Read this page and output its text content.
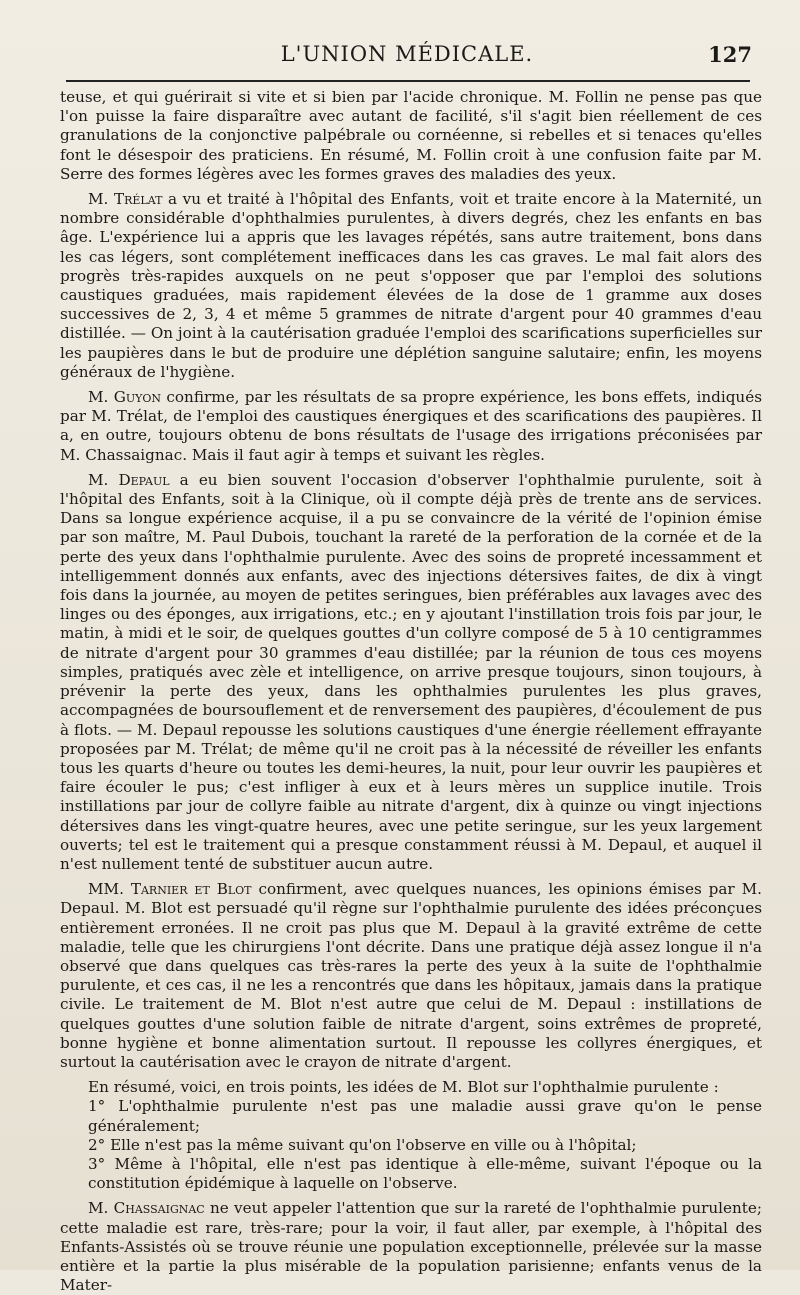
L'UNION MÉDICALE.	127

teuse, et qui guérirait si vite et si bien par l'acide chronique. M. Follin ne pense pas que l'on puisse la faire disparaître avec autant de facilité, s'il s'agit bien réellement de ces granulations de la conjonctive palpébrale ou cornéenne, si rebelles et si tenaces qu'elles font le désespoir des praticiens. En résumé, M. Follin croit à une confusion faite par M. Serre des formes légères avec les formes graves des maladies des yeux.

M. Trélat a vu et traité à l'hôpital des Enfants, voit et traite encore à la Maternité, un nombre considérable d'ophthalmies purulentes, à divers degrés, chez les enfants en bas âge. L'expérience lui a appris que les lavages répétés, sans autre traitement, bons dans les cas légers, sont complétement inefficaces dans les cas graves. Le mal fait alors des progrès très-rapides auxquels on ne peut s'opposer que par l'emploi des solutions caustiques graduées, mais rapidement élevées de la dose de 1 gramme aux doses successives de 2, 3, 4 et même 5 grammes de nitrate d'argent pour 40 grammes d'eau distillée. — On joint à la cautérisation graduée l'emploi des scarifications superficielles sur les paupières dans le but de produire une déplétion sanguine salutaire; enfin, les moyens généraux de l'hygiène.

M. Guyon confirme, par les résultats de sa propre expérience, les bons effets, indiqués par M. Trélat, de l'emploi des caustiques énergiques et des scarifications des paupières. Il a, en outre, toujours obtenu de bons résultats de l'usage des irrigations préconisées par M. Chassaignac. Mais il faut agir à temps et suivant les règles.

M. Depaul a eu bien souvent l'occasion d'observer l'ophthalmie purulente, soit à l'hôpital des Enfants, soit à la Clinique, où il compte déjà près de trente ans de services. Dans sa longue expérience acquise, il a pu se convaincre de la vérité de l'opinion émise par son maître, M. Paul Dubois, touchant la rareté de la perforation de la cornée et de la perte des yeux dans l'ophthalmie purulente. Avec des soins de propreté incessamment et intelligemment donnés aux enfants, avec des injections détersives faites, de dix à vingt fois dans la journée, au moyen de petites seringues, bien préférables aux lavages avec des linges ou des éponges, aux irrigations, etc.; en y ajoutant l'instillation trois fois par jour, le matin, à midi et le soir, de quelques gouttes d'un collyre composé de 5 à 10 centigrammes de nitrate d'argent pour 30 grammes d'eau distillée; par la réunion de tous ces moyens simples, pratiqués avec zèle et intelligence, on arrive presque toujours, sinon toujours, à prévenir la perte des yeux, dans les ophthalmies purulentes les plus graves, accompagnées de boursouflement et de renversement des paupières, d'écoulement de pus à flots. — M. Depaul repousse les solutions caustiques d'une énergie réellement effrayante proposées par M. Trélat; de même qu'il ne croit pas à la nécessité de réveiller les enfants tous les quarts d'heure ou toutes les demi-heures, la nuit, pour leur ouvrir les paupières et faire écouler le pus; c'est infliger à eux et à leurs mères un supplice inutile. Trois instillations par jour de collyre faible au nitrate d'argent, dix à quinze ou vingt injections détersives dans les vingt-quatre heures, avec une petite seringue, sur les yeux largement ouverts; tel est le traitement qui a presque constamment réussi à M. Depaul, et auquel il n'est nullement tenté de substituer aucun autre.

MM. Tarnier et Blot confirment, avec quelques nuances, les opinions émises par M. Depaul. M. Blot est persuadé qu'il règne sur l'ophthalmie purulente des idées préconçues entièrement erronées. Il ne croit pas plus que M. Depaul à la gravité extrême de cette maladie, telle que les chirurgiens l'ont décrite. Dans une pratique déjà assez longue il n'a observé que dans quelques cas très-rares la perte des yeux à la suite de l'ophthalmie purulente, et ces cas, il ne les a rencontrés que dans les hôpitaux, jamais dans la pratique civile. Le traitement de M. Blot n'est autre que celui de M. Depaul : instillations de quelques gouttes d'une solution faible de nitrate d'argent, soins extrêmes de propreté, bonne hygiène et bonne alimentation surtout. Il repousse les collyres énergiques, et surtout la cautérisation avec le crayon de nitrate d'argent.

En résumé, voici, en trois points, les idées de M. Blot sur l'ophthalmie purulente :

1° L'ophthalmie purulente n'est pas une maladie aussi grave qu'on le pense généralement;
2° Elle n'est pas la même suivant qu'on l'observe en ville ou à l'hôpital;
3° Même à l'hôpital, elle n'est pas identique à elle-même, suivant l'époque ou la constitution épidémique à laquelle on l'observe.

M. Chassaignac ne veut appeler l'attention que sur la rareté de l'ophthalmie purulente; cette maladie est rare, très-rare; pour la voir, il faut aller, par exemple, à l'hôpital des Enfants-Assistés où se trouve réunie une population exceptionnelle, prélevée sur la masse entière et la partie la plus misérable de la population parisienne; enfants venus de la Mater-
